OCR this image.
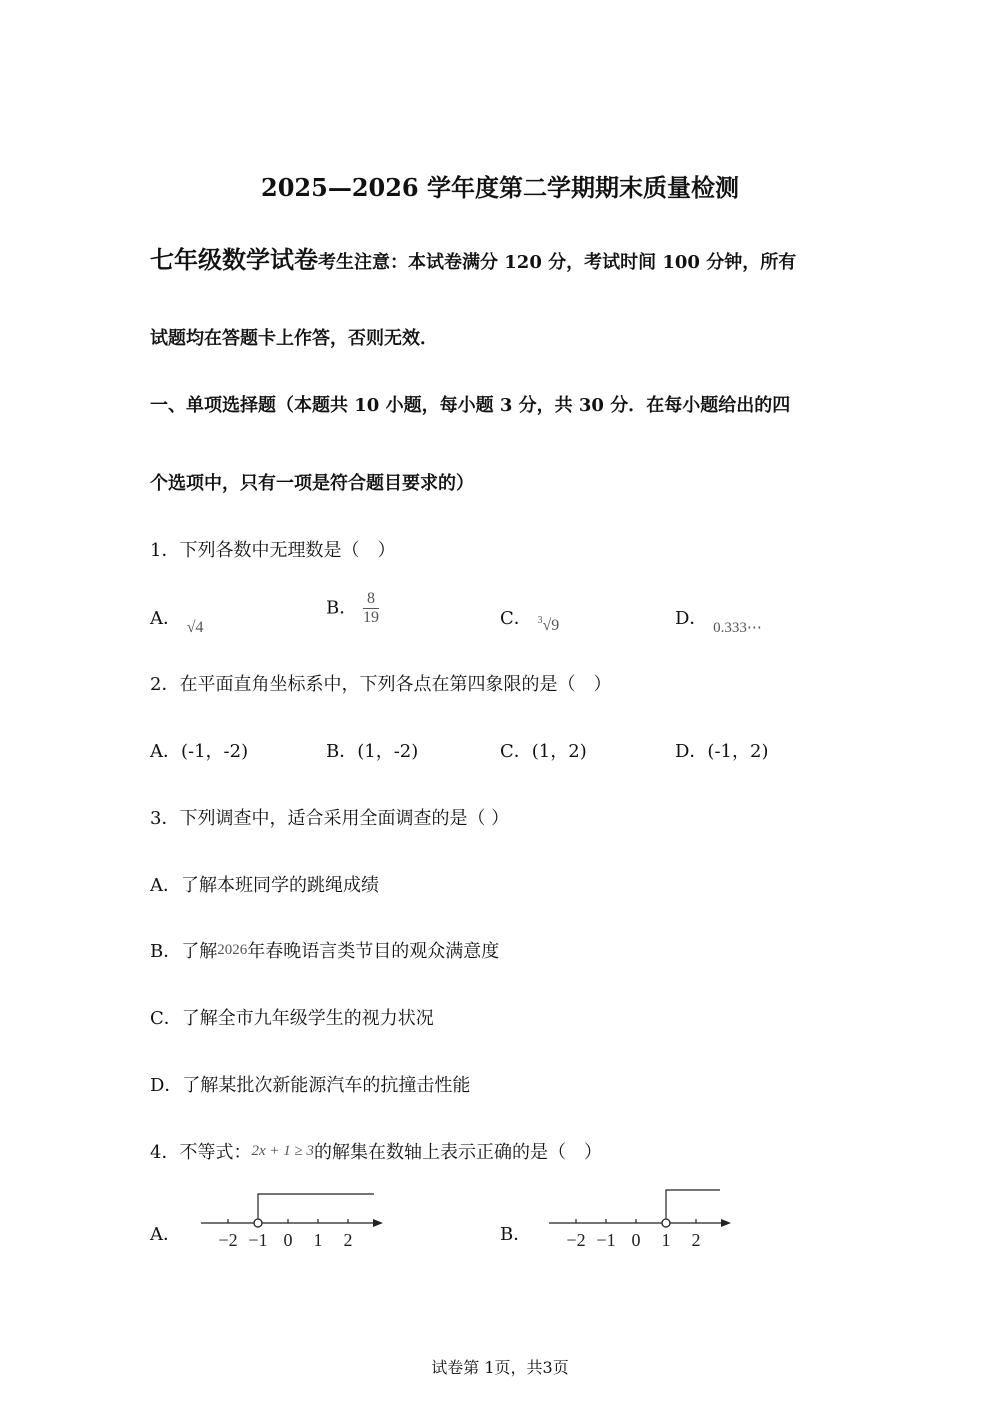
2025—2026 学年度第二学期期末质量检测
七年级数学试卷考生注意：本试卷满分 120 分，考试时间 100 分钟，所有
试题均在答题卡上作答，否则无效．
一、单项选择题（本题共 10 小题，每小题 3 分，共 30 分．在每小题给出的四
个选项中，只有一项是符合题目要求的）
1．下列各数中无理数是（　）
A． √4
B． $\frac{8}{19}$	C． $^3$√9	D． $_{0.333\cdots}$
2．在平面直角坐标系中，下列各点在第四象限的是（　）
A．(-1，-2)	B．(1，-2)	C．(1，2)	D．(-1，2)
3．下列调查中，适合采用全面调查的是（ ）
A．了解本班同学的跳绳成绩
B．了解2026年春晚语言类节目的观众满意度
C．了解全市九年级学生的视力状况
D．了解某批次新能源汽车的抗撞击性能
4．不等式：2x + 1 ≥ 3的解集在数轴上表示正确的是（　）
A．	B．
−2 −1 0 1 2	−2 −1 0 1 2
试卷第 1页，共3页
